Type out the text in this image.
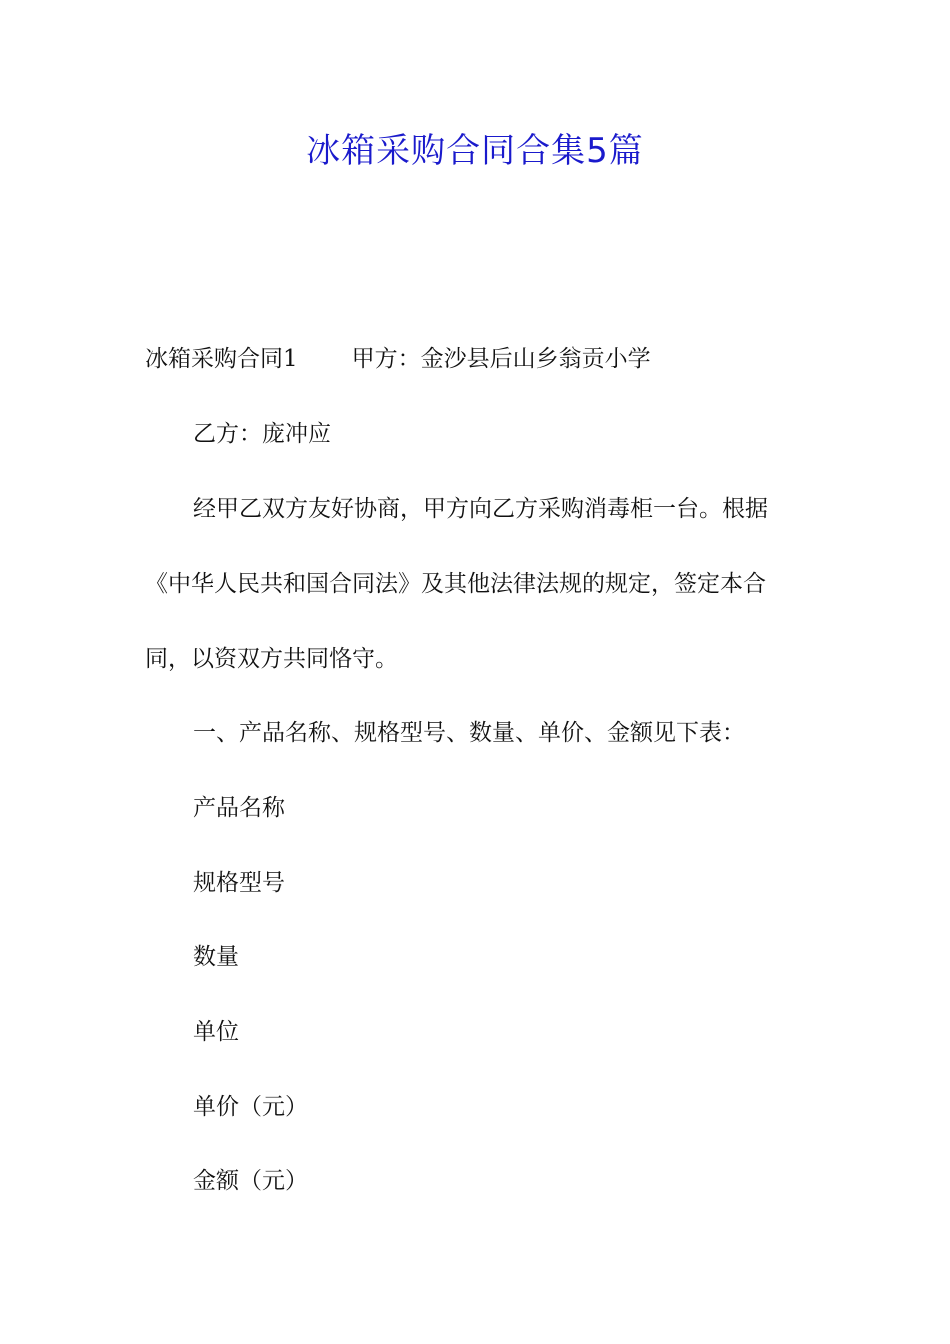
冰箱采购合同合集5篇
冰箱采购合同1 甲方：金沙县后山乡翁贡小学
乙方：庞冲应
经甲乙双方友好协商，甲方向乙方采购消毒柜一台。根据
《中华人民共和国合同法》及其他法律法规的规定，签定本合
同，以资双方共同恪守。
一、产品名称、规格型号、数量、单价、金额见下表：
产品名称
规格型号
数量
单位
单价（元）
金额（元）
